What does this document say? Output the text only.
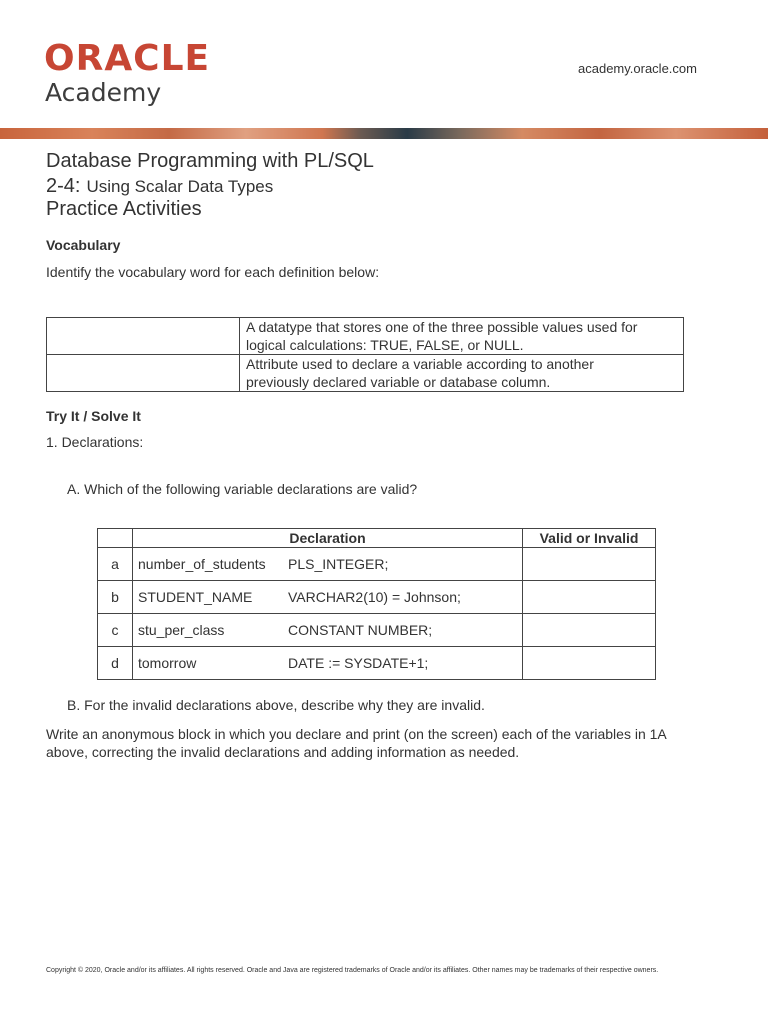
ORACLE
Academy
academy.oracle.com
Database Programming with PL/SQL
2-4: Using Scalar Data Types
Practice Activities
Vocabulary
Identify the vocabulary word for each definition below:

	A datatype that stores one of the three possible values used for
logical calculations: TRUE, FALSE, or NULL.

	Attribute used to declare a variable according to another
previously declared variable or database column.
Try It / Solve It
1. Declarations:
A. Which of the following variable declarations are valid?
	Declaration	Valid or Invalid
a	number_of_students PLS_INTEGER;	
b	STUDENT_NAME VARCHAR2(10) = Johnson;	
c	stu_per_class CONSTANT NUMBER;	
d	tomorrow DATE := SYSDATE+1;	
B. For the invalid declarations above, describe why they are invalid.
Write an anonymous block in which you declare and print (on the screen) each of the variables in 1A
above, correcting the invalid declarations and adding information as needed.
Copyright © 2020, Oracle and/or its affiliates. All rights reserved. Oracle and Java are registered trademarks of Oracle and/or its affiliates. Other names may be trademarks of their respective owners.
